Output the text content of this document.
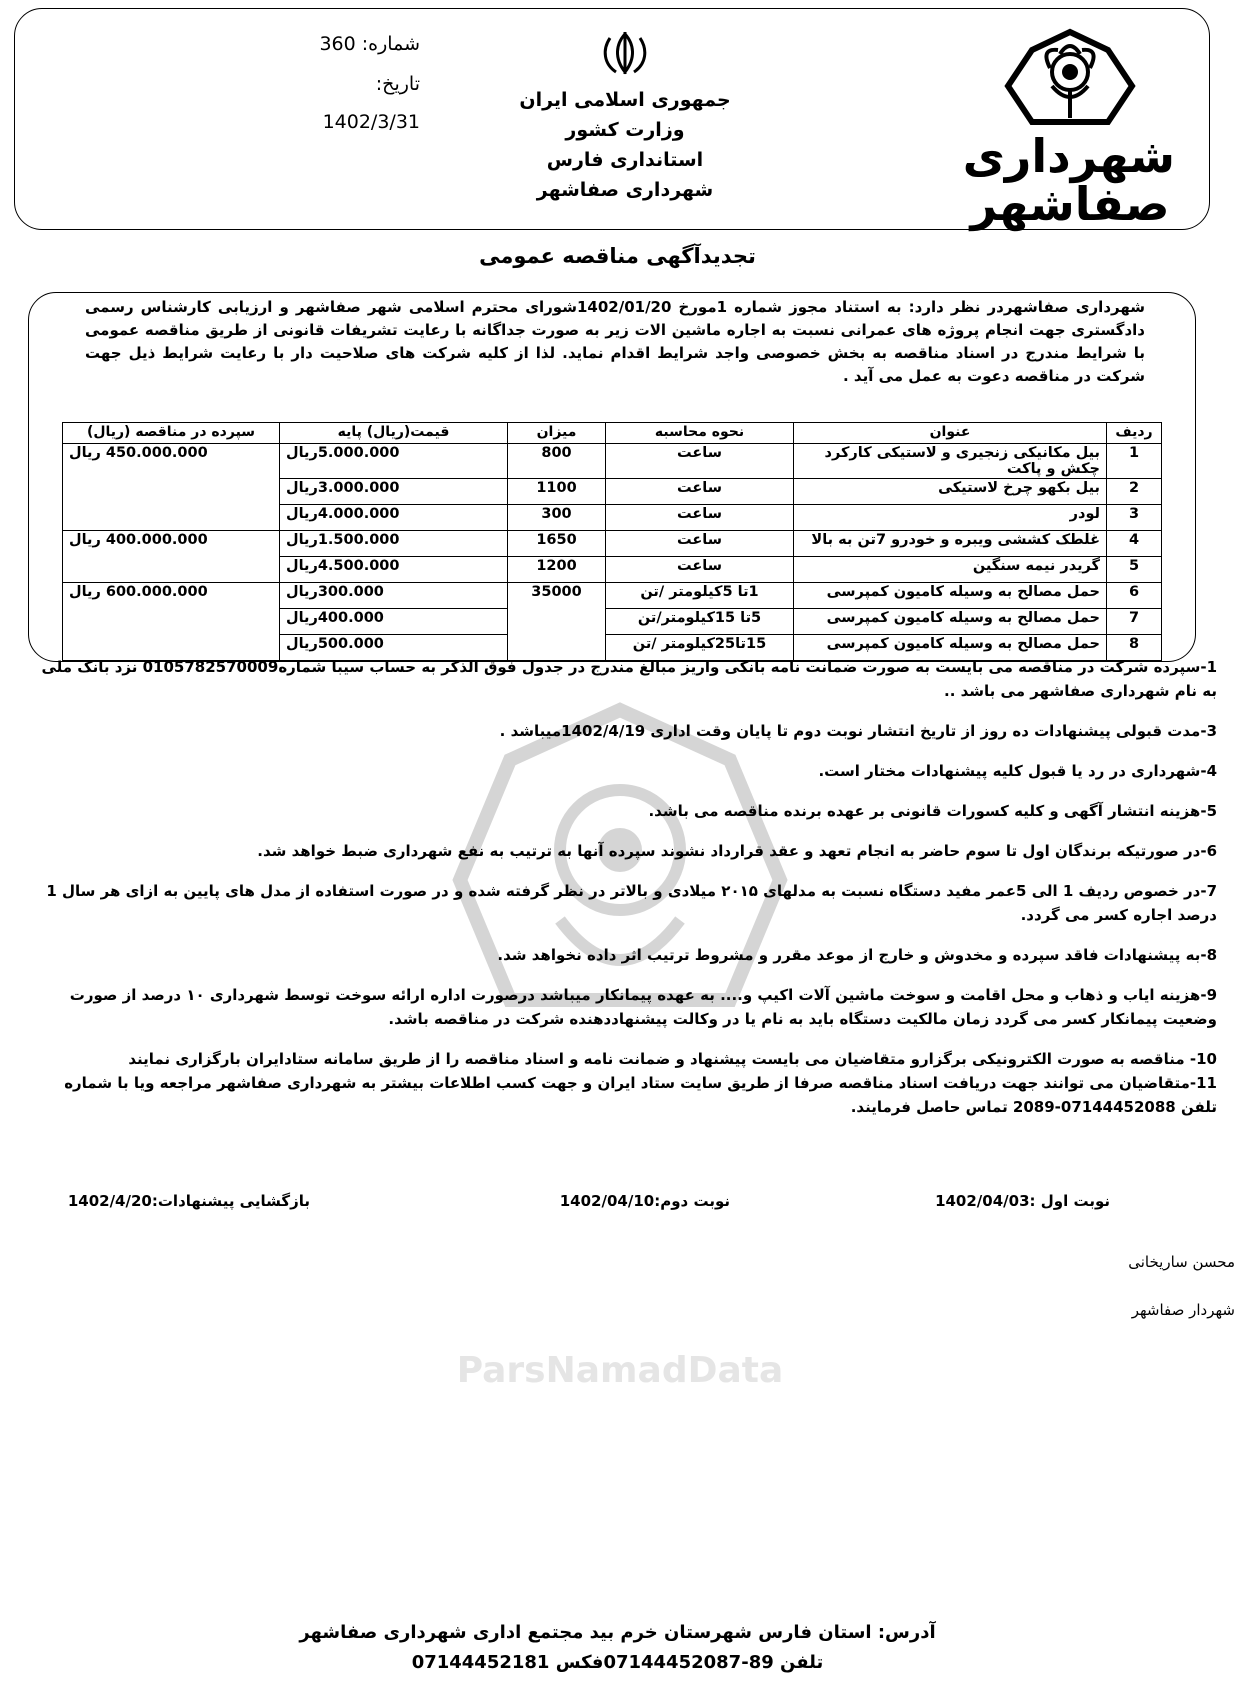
شهرداری
صفاشهر
جمهوری اسلامی ایران
وزارت کشور
استانداری فارس
شهرداری صفاشهر
شماره: 360
تاریخ:
1402/3/31
تجدیدآگهی مناقصه عمومی
شهرداری صفاشهردر نظر دارد: به استناد مجوز شماره 1مورخ 1402/01/20شورای محترم اسلامی شهر صفاشهر و ارزیابی کارشناس رسمی دادگستری جهت انجام پروژه های عمرانی نسبت به اجاره ماشین الات زیر به صورت جداگانه با رعایت تشریفات قانونی از طریق مناقصه عمومی با شرایط مندرج در اسناد مناقصه به بخش خصوصی واجد شرایط اقدام نماید. لذا از کلیه شرکت های صلاحیت دار با رعایت شرایط ذیل جهت شرکت در مناقصه دعوت به عمل می آید .
ردیف	عنوان	نحوه محاسبه	میزان	قیمت(ریال) پایه	سپرده در مناقصه (ریال)
1	بیل مکانیکی زنجیری و لاستیکی کارکرد چکش و پاکت	ساعت	800	5.000.000ریال	450.000.000 ریال
2	بیل بکهو چرخ لاستیکی	ساعت	1100	3.000.000ریال	
3	لودر	ساعت	300	4.000.000ریال	
4	غلطک کششی ویبره و خودرو 7تن به بالا	ساعت	1650	1.500.000ریال	400.000.000 ریال
5	گریدر نیمه سنگین	ساعت	1200	4.500.000ریال	
6	حمل مصالح به وسیله کامیون کمپرسی	1تا 5کیلومتر /تن	35000	300.000ریال	600.000.000 ریال
7	حمل مصالح به وسیله کامیون کمپرسی	5تا 15کیلومتر/تن		400.000ریال	
8	حمل مصالح به وسیله کامیون کمپرسی	15تا25کیلومتر /تن		500.000ریال	

1-سپرده شرکت در مناقصه می بایست به صورت ضمانت نامه بانکی واریز مبالغ مندرج در جدول فوق الذکر به حساب سیبا شماره0105782570009 نزد بانک ملی به نام شهرداری صفاشهر می باشد ..

3-مدت قبولی پیشنهادات ده روز از تاریخ انتشار نوبت دوم تا پایان وقت اداری 1402/4/19میباشد .

4-شهرداری در رد یا قبول کلیه پیشنهادات مختار است.

5-هزینه انتشار آگهی و کلیه کسورات قانونی بر عهده برنده مناقصه می باشد.

6-در صورتیکه برندگان اول تا سوم حاضر به انجام تعهد و عقد قرارداد نشوند سپرده آنها به ترتیب به نفع شهرداری ضبط خواهد شد.

7-در خصوص ردیف 1 الی 5عمر مفید دستگاه نسبت به مدلهای ۲۰۱۵ میلادی و بالاتر در نظر گرفته شده و در صورت استفاده از مدل های پایین به ازای هر سال 1 درصد اجاره کسر می گردد.

8-به پیشنهادات فاقد سپرده و مخدوش و خارج از موعد مقرر و مشروط ترتیب اثر داده نخواهد شد.

9-هزینه ایاب و ذهاب و محل اقامت و سوخت ماشین آلات اکیپ و.... به عهده پیمانکار میباشد درصورت اداره ارائه سوخت توسط شهرداری ۱۰ درصد از صورت وضعیت پیمانکار کسر می گردد زمان مالکیت دستگاه باید به نام یا در وکالت پیشنهاددهنده شرکت در مناقصه باشد.

10- مناقصه به صورت الکترونیکی برگزارو متقاضیان می بایست پیشنهاد و ضمانت نامه و اسناد مناقصه را از طریق سامانه ستادایران بارگزاری نمایند

11-متقاضیان می توانند جهت دریافت اسناد مناقصه صرفا از طریق سایت ستاد ایران و جهت کسب اطلاعات بیشتر به شهرداری صفاشهر مراجعه ویا با شماره تلفن 07144452088-2089 تماس حاصل فرمایند.

نوبت اول :1402/04/03
نوبت دوم:1402/04/10
بازگشایی پیشنهادات:1402/4/20
محسن ساریخانی
شهردار صفاشهر
ParsNamadData
آدرس: استان فارس شهرستان خرم بید مجتمع اداری شهرداری صفاشهر
تلفن 89-07144452087فکس 07144452181
